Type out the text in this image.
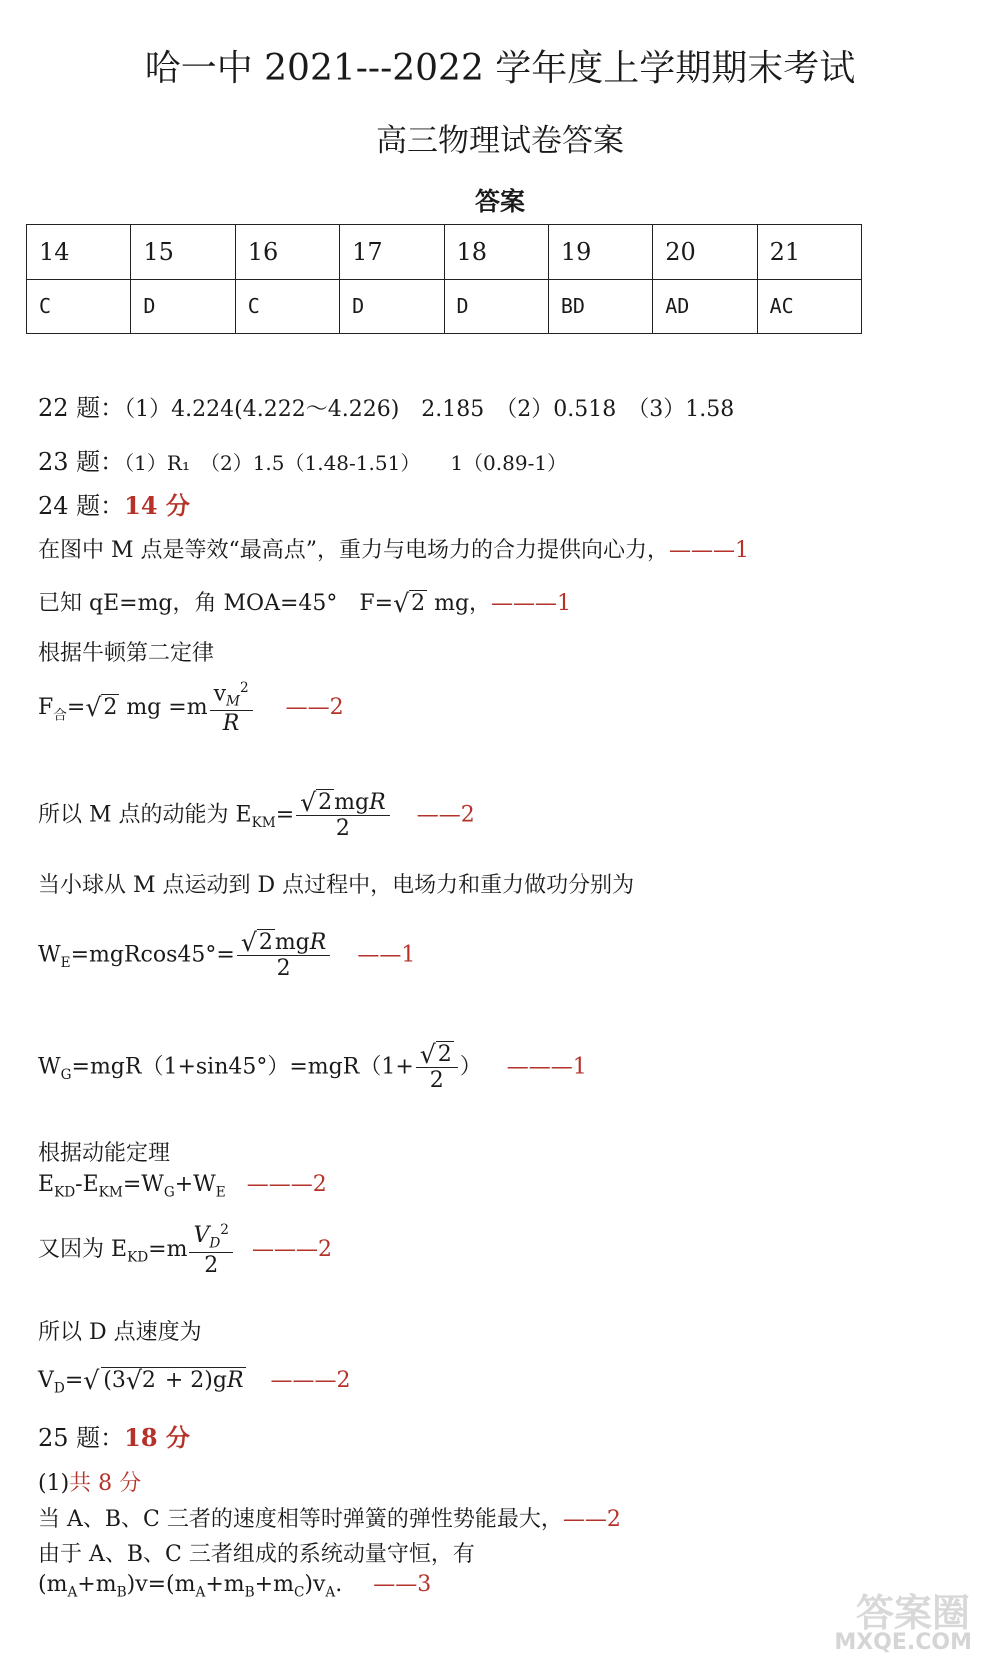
哈一中 2021---2022 学年度上学期期末考试
高三物理试卷答案
答案
14	15	16	17	18	19	20	21
C	D	C	D	D	BD	AD	AC
22 题：（1）4.224(4.222～4.226)　2.185　（2）0.518　（3）1.58
23 题：（1）R₁　（2）1.5（1.48-1.51）　　1（0.89-1）
24 题：14 分
在图中 M 点是等效“最高点”，重力与电场力的合力提供向心力，———1
已知 qE=mg，角 MOA=45°　F= √ 2 mg，———1
根据牛顿第二定律
$F_合=$ √ 2 mg $=m \frac{v_M^2}{R}$ ——2
所以 M 点的动能为 $E_{KM}=$ √ $\frac{\text{2mgR}}{2}$ ——2
当小球从 M 点运动到 D 点过程中，电场力和重力做功分别为
$W_E=mgRcos45^\circ=$ √ $\frac{\text{2mgR}}{2}$ ——1
$W_G=mgR(1+\sin 45^\circ)=mgR(1+$ √ $\frac{2}{2}$ ） ———1
根据动能定理
$E_{KD}-E_{KM}=W_G+W_E$ ———2
又因为 $E_{KD}=m \frac{V_D^2}{2}$ ———2
所以 D 点速度为
$V_D=$ √ (3 √ 2 + 2)gR ———2
25 题：18 分
(1)共 8 分
当 A、B、C 三者的速度相等时弹簧的弹性势能最大，——2
由于 A、B、C 三者组成的系统动量守恒，有
$(m_A+m_B)v=(m_A+m_B+m_C)v_A$. ——3
答案圈
MXQE.COM
